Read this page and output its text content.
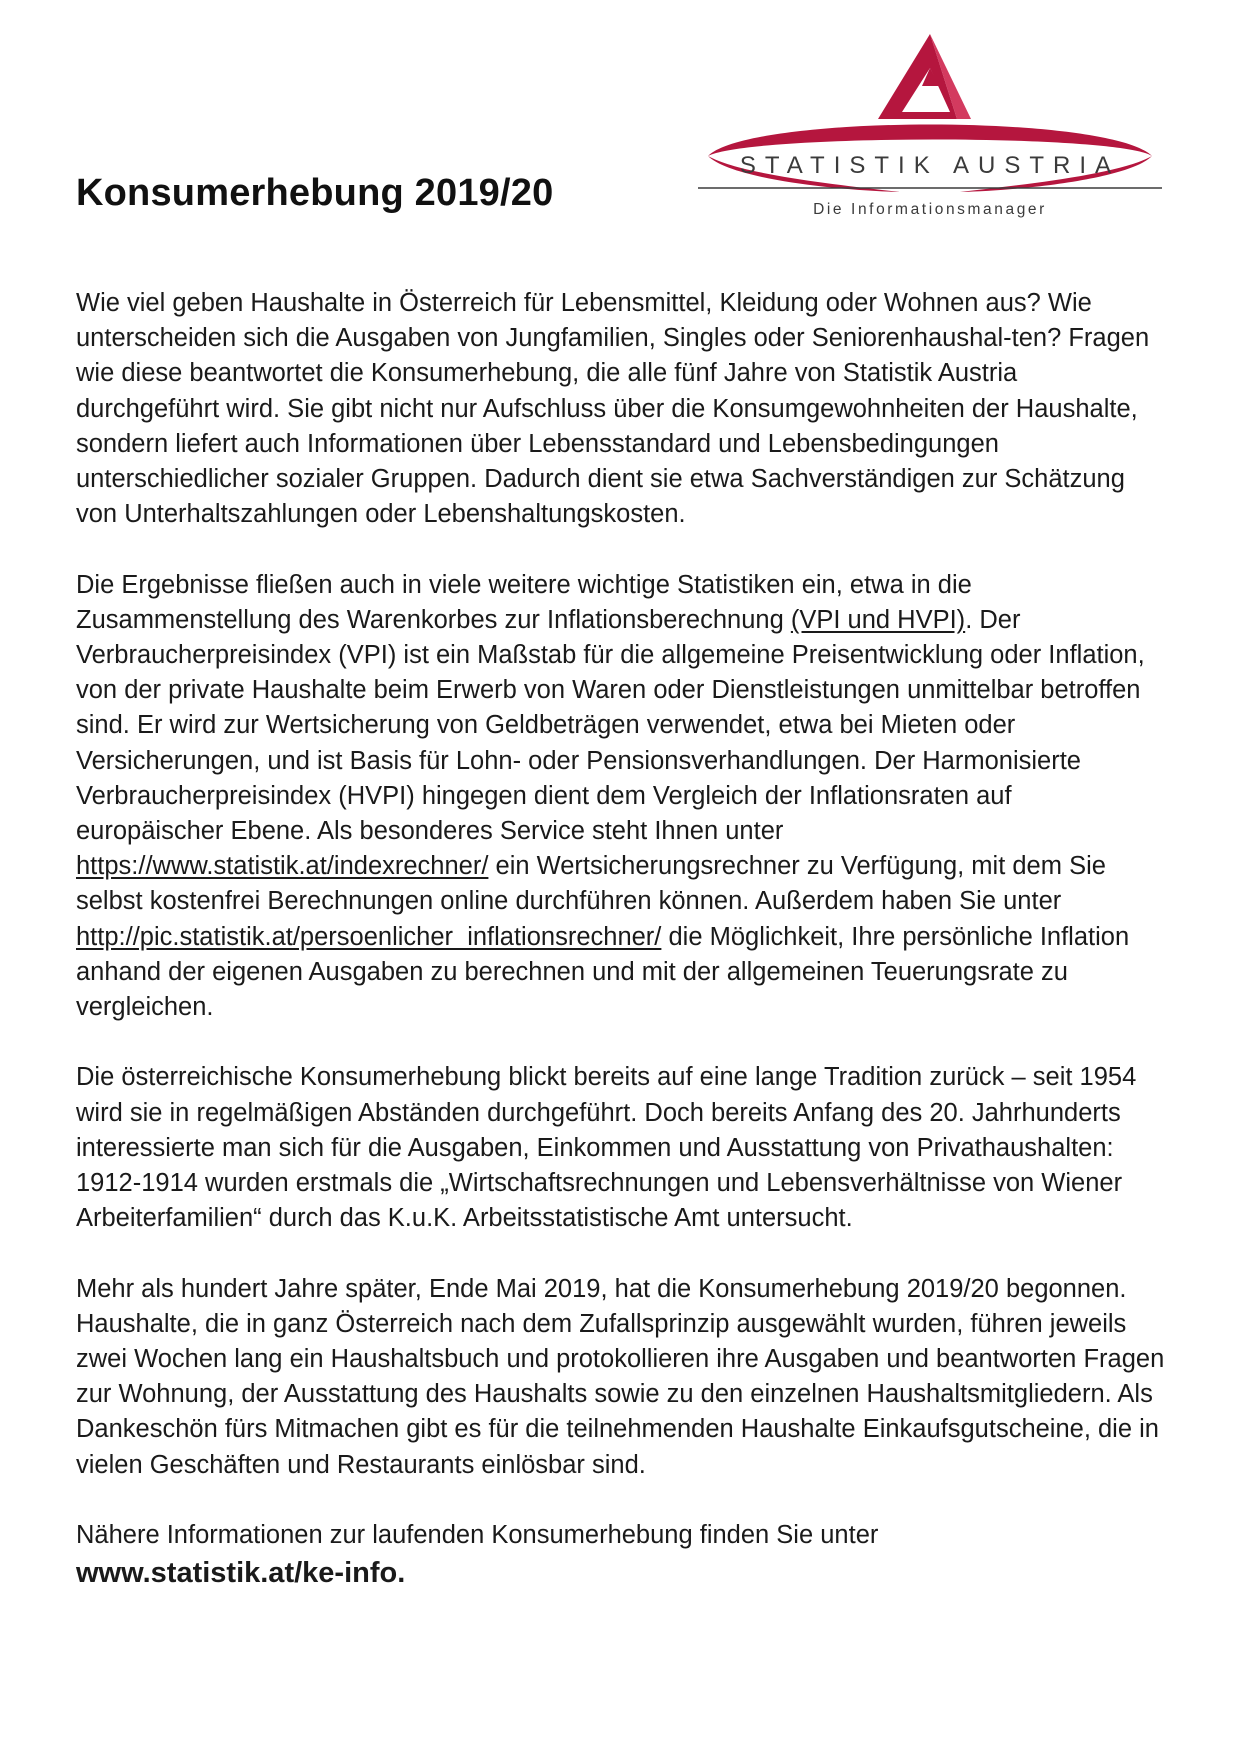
Konsumerhebung 2019/20
STATISTIK AUSTRIA
Die Informationsmanager

Wie viel geben Haushalte in Österreich für Lebensmittel, Kleidung oder Wohnen aus? Wie unterscheiden sich die Ausgaben von Jungfamilien, Singles oder Seniorenhaushal-ten? Fragen wie diese beantwortet die Konsumerhebung, die alle fünf Jahre von Statistik Austria durchgeführt wird. Sie gibt nicht nur Aufschluss über die Konsumgewohnheiten der Haushalte, sondern liefert auch Informationen über Lebensstandard und Lebensbedingungen unterschiedlicher sozialer Gruppen. Dadurch dient sie etwa Sachverständigen zur Schätzung von Unterhaltszahlungen oder Lebenshaltungskosten.

Die Ergebnisse fließen auch in viele weitere wichtige Statistiken ein, etwa in die Zusammenstellung des Warenkorbes zur Inflationsberechnung (VPI und HVPI). Der Verbraucherpreisindex (VPI) ist ein Maßstab für die allgemeine Preisentwicklung oder Inflation, von der private Haushalte beim Erwerb von Waren oder Dienstleistungen unmittelbar betroffen sind. Er wird zur Wertsicherung von Geldbeträgen verwendet, etwa bei Mieten oder Versicherungen, und ist Basis für Lohn- oder Pensionsverhandlungen. Der Harmonisierte Verbraucherpreisindex (HVPI) hingegen dient dem Vergleich der Inflationsraten auf europäischer Ebene. Als besonderes Service steht Ihnen unter https://www.statistik.at/indexrechner/ ein Wertsicherungsrechner zu Verfügung, mit dem Sie selbst kostenfrei Berechnungen online durchführen können. Außerdem haben Sie unter http://pic.statistik.at/persoenlicher_inflationsrechner/ die Möglichkeit, Ihre persönliche Inflation anhand der eigenen Ausgaben zu berechnen und mit der allgemeinen Teuerungsrate zu vergleichen.

Die österreichische Konsumerhebung blickt bereits auf eine lange Tradition zurück – seit 1954 wird sie in regelmäßigen Abständen durchgeführt. Doch bereits Anfang des 20. Jahrhunderts interessierte man sich für die Ausgaben, Einkommen und Ausstattung von Privathaushalten: 1912-1914 wurden erstmals die „Wirtschaftsrechnungen und Lebensverhältnisse von Wiener Arbeiterfamilien“ durch das K.u.K. Arbeitsstatistische Amt untersucht.

Mehr als hundert Jahre später, Ende Mai 2019, hat die Konsumerhebung 2019/20 begonnen. Haushalte, die in ganz Österreich nach dem Zufallsprinzip ausgewählt wurden, führen jeweils zwei Wochen lang ein Haushaltsbuch und protokollieren ihre Ausgaben und beantworten Fragen zur Wohnung, der Ausstattung des Haushalts sowie zu den einzelnen Haushaltsmitgliedern. Als Dankeschön fürs Mitmachen gibt es für die teilnehmenden Haushalte Einkaufsgutscheine, die in vielen Geschäften und Restaurants einlösbar sind.

Nähere Informationen zur laufenden Konsumerhebung finden Sie unter
www.statistik.at/ke-info.
